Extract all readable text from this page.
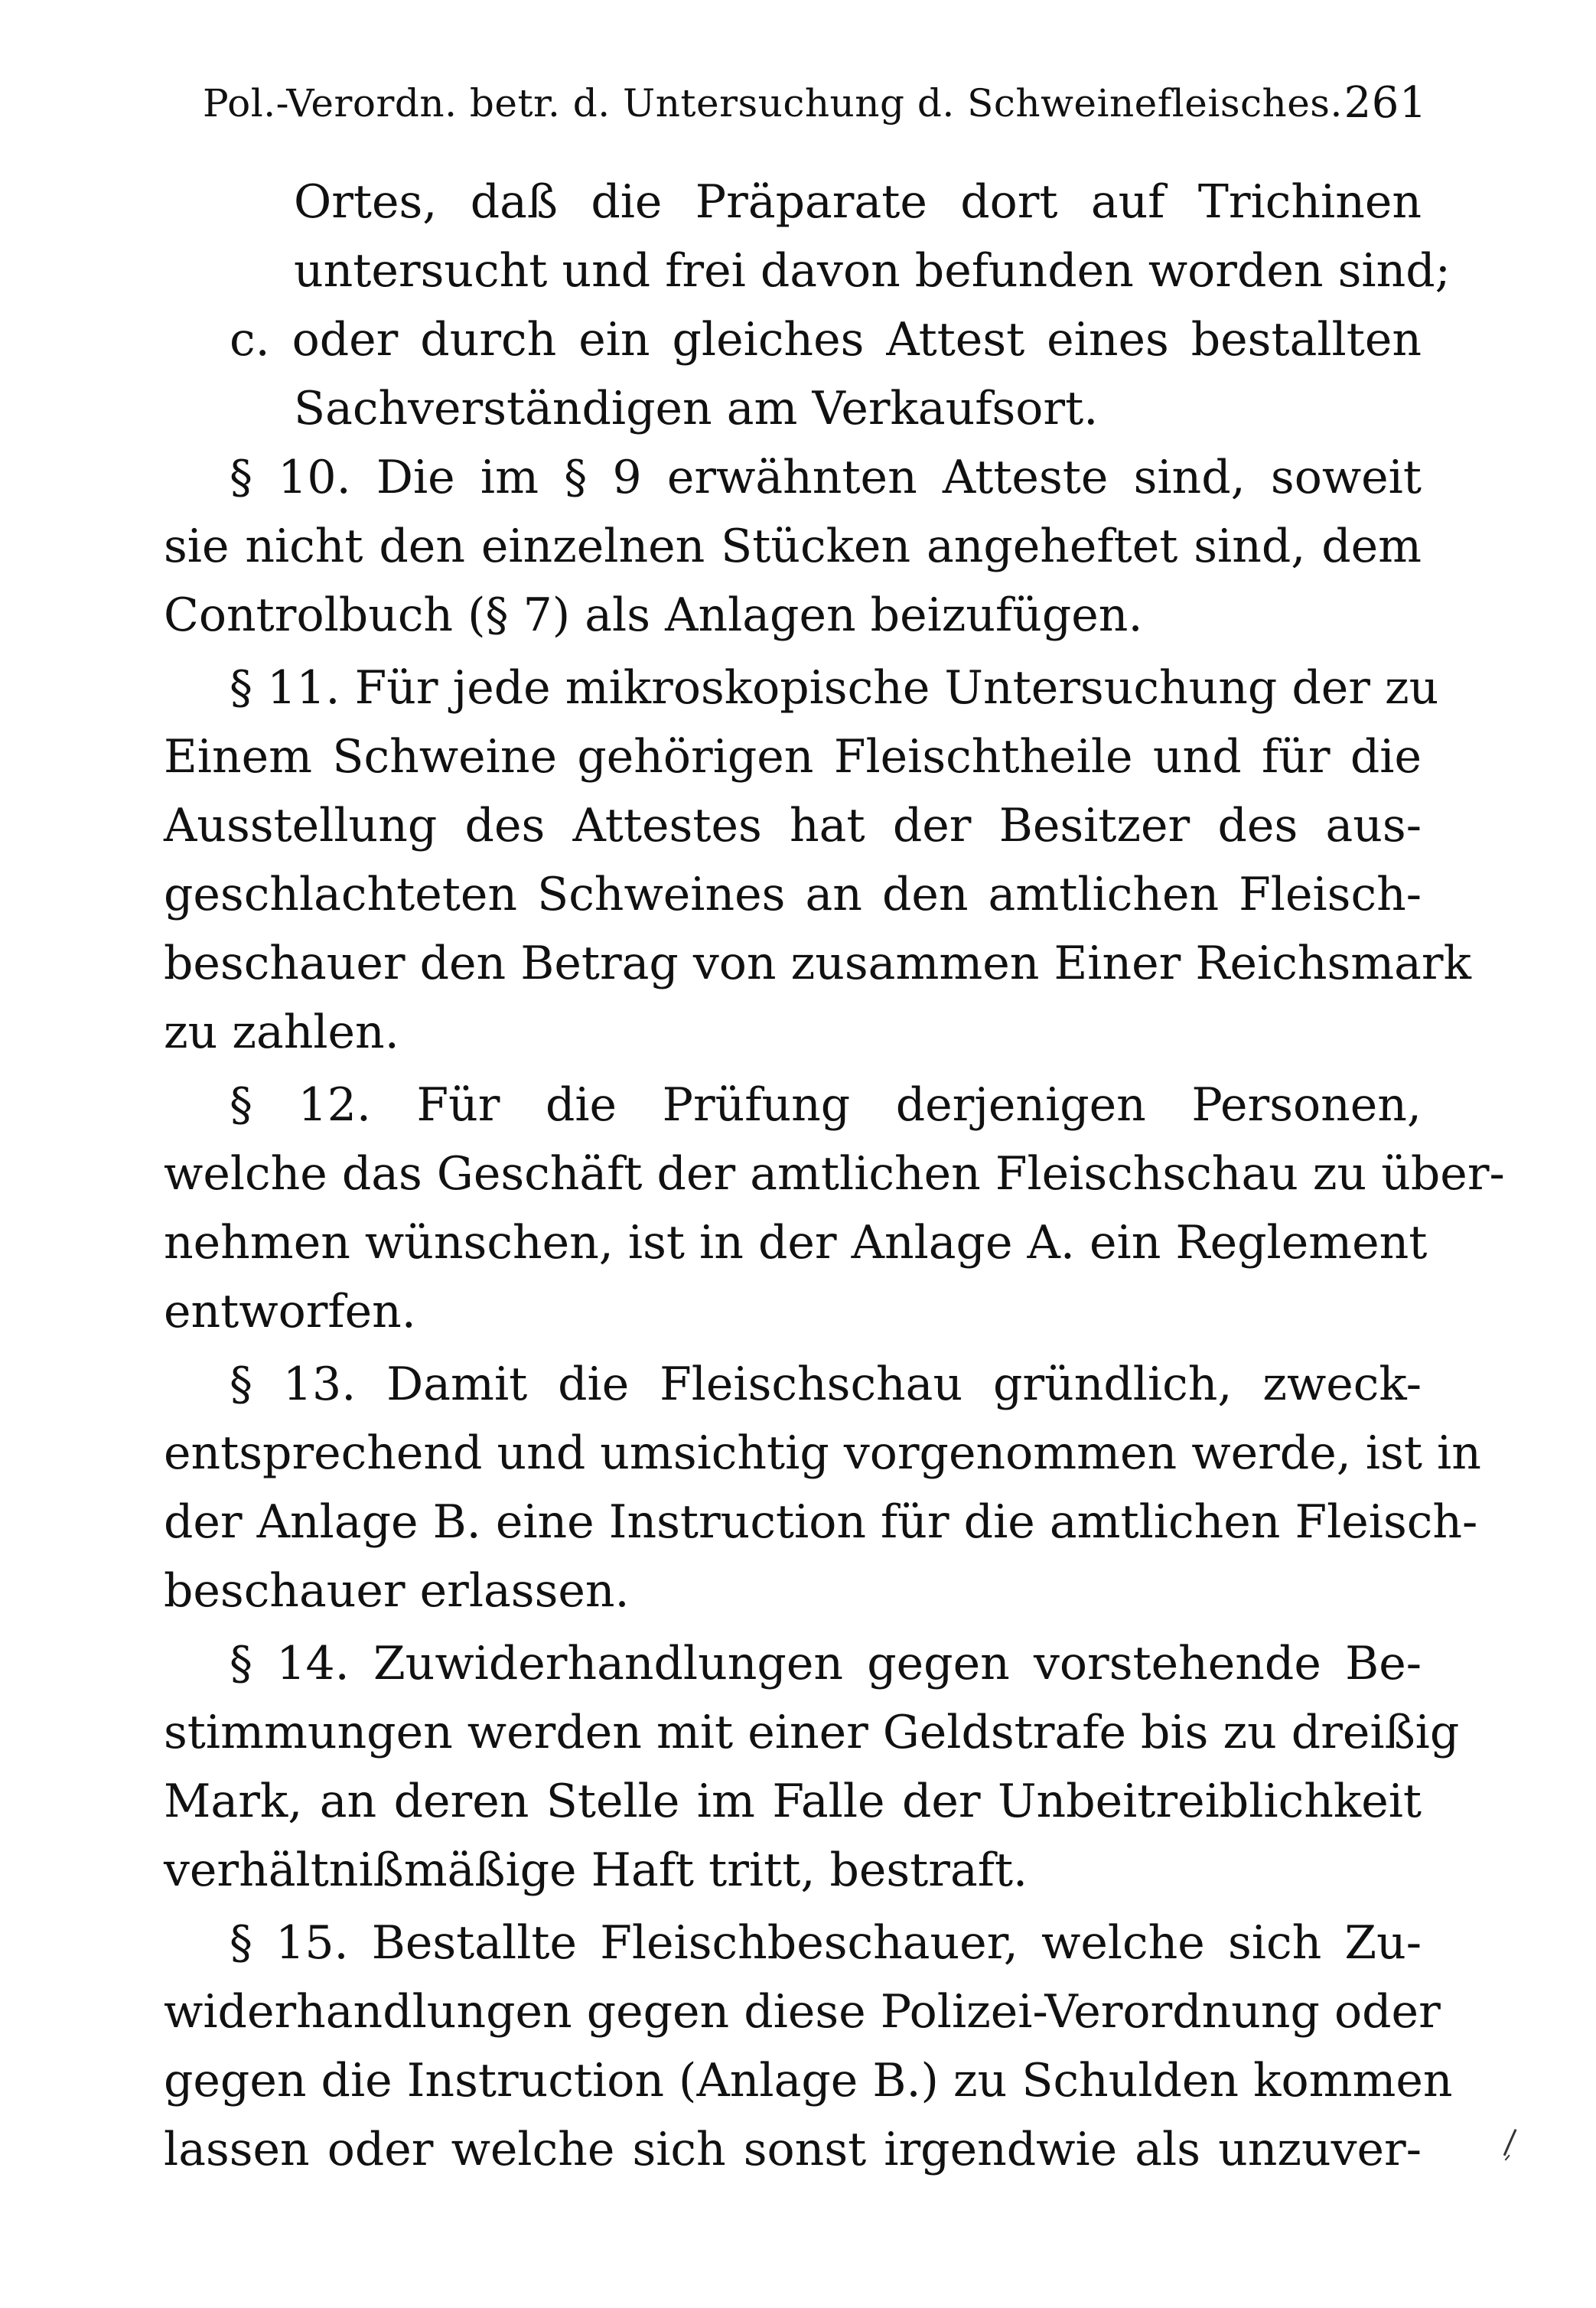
Pol.-Verordn. betr. d. Untersuchung d. Schweinefleisches. 261
Ortes, daß die Präparate dort auf Trichinen
untersucht und frei davon befunden worden sind;
c. oder durch ein gleiches Attest eines bestallten
Sachverständigen am Verkaufsort.
§ 10. Die im § 9 erwähnten Atteste sind, soweit
sie nicht den einzelnen Stücken angeheftet sind, dem
Controlbuch (§ 7) als Anlagen beizufügen.
§ 11. Für jede mikroskopische Untersuchung der zu
Einem Schweine gehörigen Fleischtheile und für die
Ausstellung des Attestes hat der Besitzer des aus-
geschlachteten Schweines an den amtlichen Fleisch-
beschauer den Betrag von zusammen Einer Reichsmark
zu zahlen.
§ 12. Für die Prüfung derjenigen Personen,
welche das Geschäft der amtlichen Fleischschau zu über-
nehmen wünschen, ist in der Anlage A. ein Reglement
entworfen.
§ 13. Damit die Fleischschau gründlich, zweck-
entsprechend und umsichtig vorgenommen werde, ist in
der Anlage B. eine Instruction für die amtlichen Fleisch-
beschauer erlassen.
§ 14. Zuwiderhandlungen gegen vorstehende Be-
stimmungen werden mit einer Geldstrafe bis zu dreißig
Mark, an deren Stelle im Falle der Unbeitreiblichkeit
verhältnißmäßige Haft tritt, bestraft.
§ 15. Bestallte Fleischbeschauer, welche sich Zu-
widerhandlungen gegen diese Polizei-Verordnung oder
gegen die Instruction (Anlage B.) zu Schulden kommen
lassen oder welche sich sonst irgendwie als unzuver-
